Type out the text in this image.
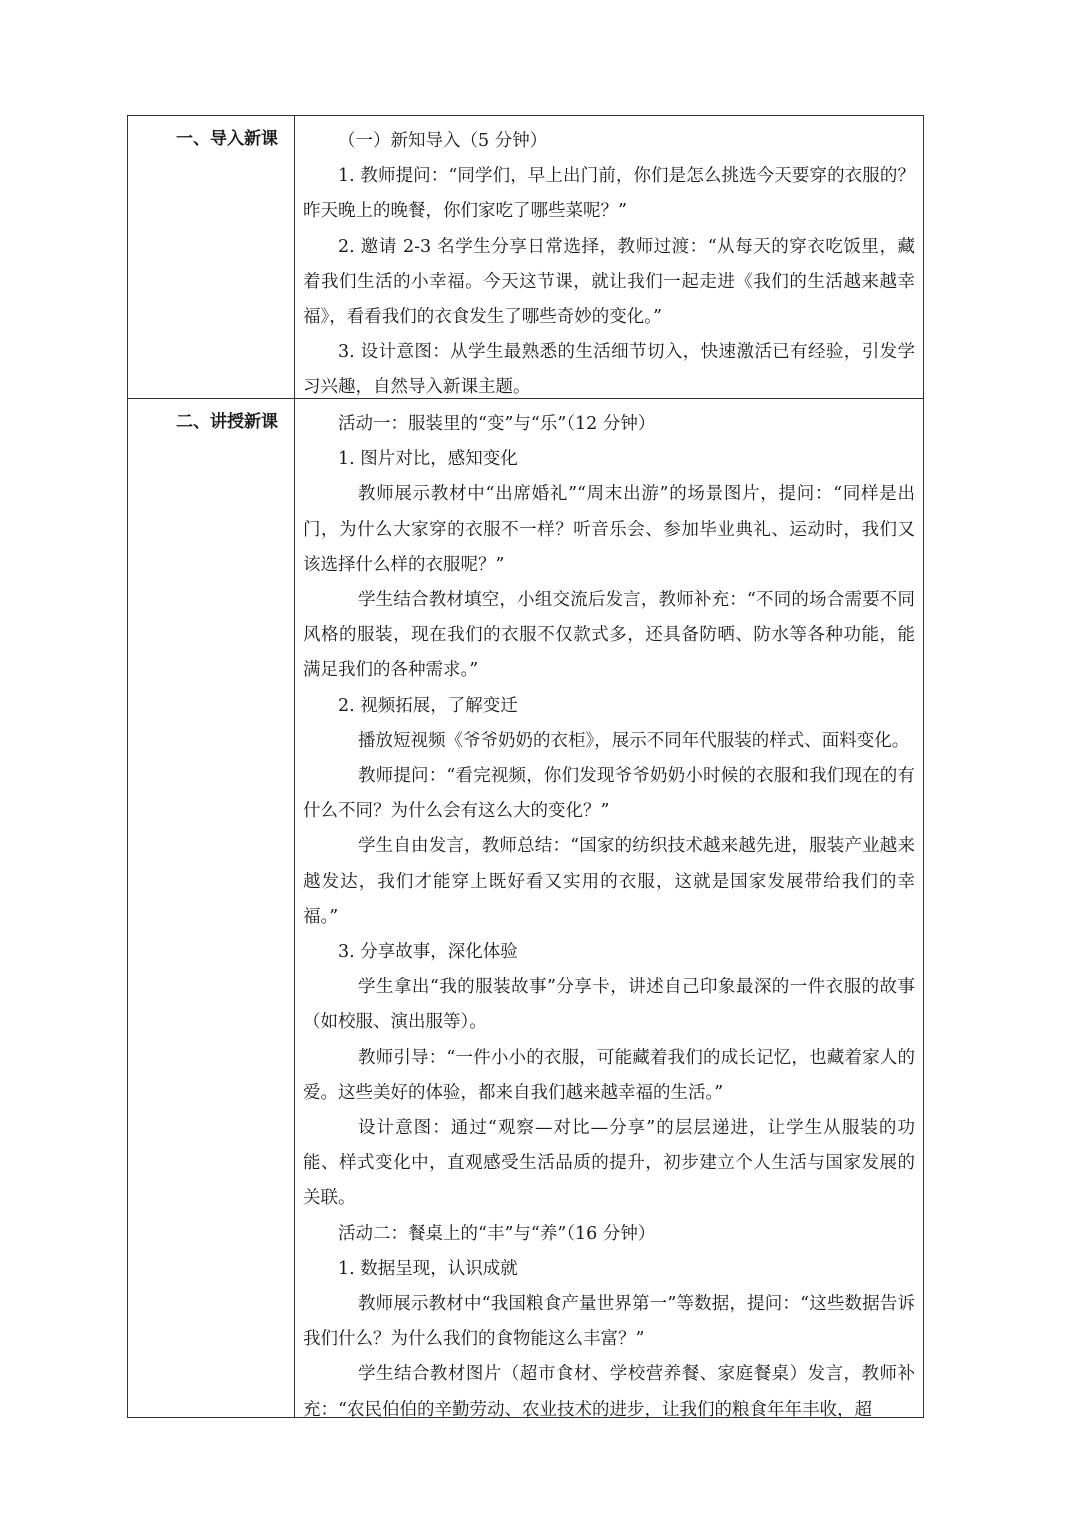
一、导入新课	（一）新知导入（5 分钟）

1. 教师提问：“同学们，早上出门前，你们是怎么挑选今天要穿的衣服的？昨天晚上的晚餐，你们家吃了哪些菜呢？”

2. 邀请 2-3 名学生分享日常选择，教师过渡：“从每天的穿衣吃饭里，藏着我们生活的小幸福。今天这节课，就让我们一起走进《我们的生活越来越幸福》，看看我们的衣食发生了哪些奇妙的变化。”

3. 设计意图：从学生最熟悉的生活细节切入，快速激活已有经验，引发学习兴趣，自然导入新课主题。

二、讲授新课	活动一：服装里的“变”与“乐”（12 分钟）

1. 图片对比，感知变化

教师展示教材中“出席婚礼”“周末出游”的场景图片，提问：“同样是出门，为什么大家穿的衣服不一样？听音乐会、参加毕业典礼、运动时，我们又该选择什么样的衣服呢？”

学生结合教材填空，小组交流后发言，教师补充：“不同的场合需要不同风格的服装，现在我们的衣服不仅款式多，还具备防晒、防水等各种功能，能满足我们的各种需求。”

2. 视频拓展，了解变迁

播放短视频《爷爷奶奶的衣柜》，展示不同年代服装的样式、面料变化。

教师提问：“看完视频，你们发现爷爷奶奶小时候的衣服和我们现在的有什么不同？为什么会有这么大的变化？”

学生自由发言，教师总结：“国家的纺织技术越来越先进，服装产业越来越发达，我们才能穿上既好看又实用的衣服，这就是国家发展带给我们的幸福。”

3. 分享故事，深化体验

学生拿出“我的服装故事”分享卡，讲述自己印象最深的一件衣服的故事（如校服、演出服等）。

教师引导：“一件小小的衣服，可能藏着我们的成长记忆，也藏着家人的爱。这些美好的体验，都来自我们越来越幸福的生活。”

设计意图：通过“观察—对比—分享”的层层递进，让学生从服装的功能、样式变化中，直观感受生活品质的提升，初步建立个人生活与国家发展的关联。

活动二：餐桌上的“丰”与“养”（16 分钟）

1. 数据呈现，认识成就

教师展示教材中“我国粮食产量世界第一”等数据，提问：“这些数据告诉我们什么？为什么我们的食物能这么丰富？”

学生结合教材图片（超市食材、学校营养餐、家庭餐桌）发言，教师补充：“农民伯伯的辛勤劳动、农业技术的进步，让我们的粮食年年丰收，超
